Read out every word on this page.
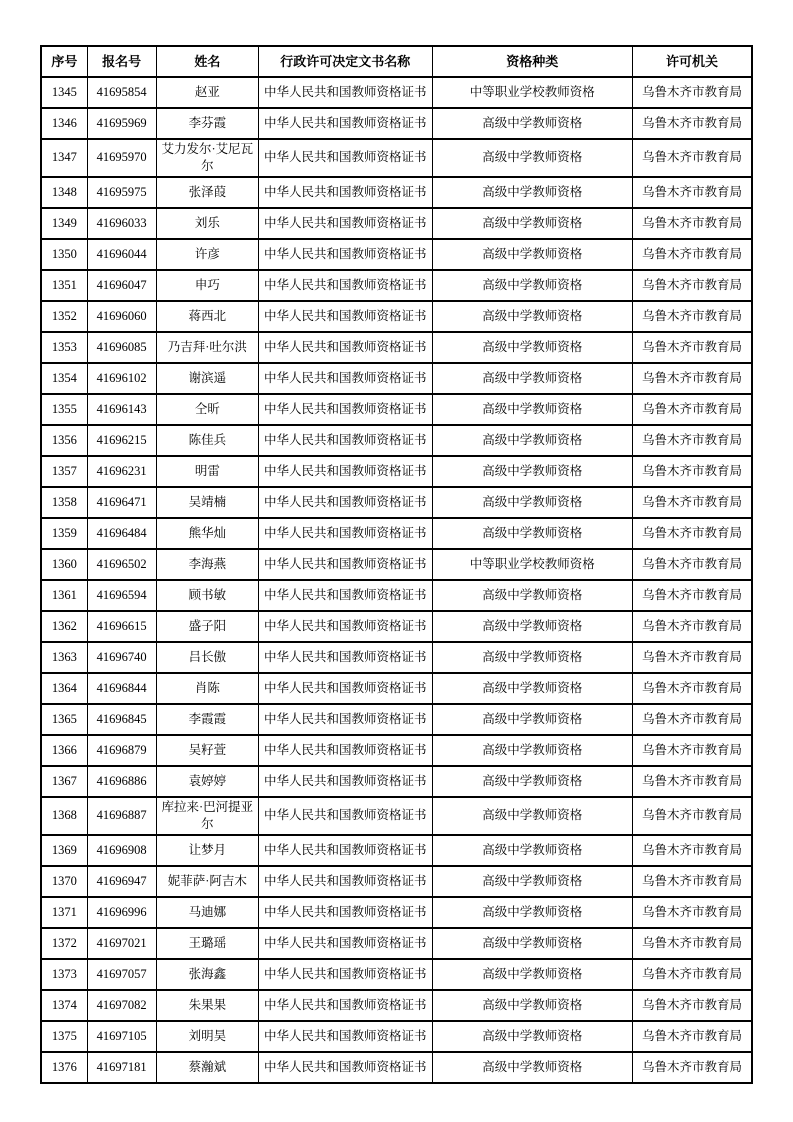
序号	报名号	姓名	行政许可决定文书名称	资格种类	许可机关
1345	41695854	赵亚	中华人民共和国教师资格证书	中等职业学校教师资格	乌鲁木齐市教育局
1346	41695969	李芬霞	中华人民共和国教师资格证书	高级中学教师资格	乌鲁木齐市教育局
1347	41695970	艾力发尔·艾尼瓦尔	中华人民共和国教师资格证书	高级中学教师资格	乌鲁木齐市教育局
1348	41695975	张泽葭	中华人民共和国教师资格证书	高级中学教师资格	乌鲁木齐市教育局
1349	41696033	刘乐	中华人民共和国教师资格证书	高级中学教师资格	乌鲁木齐市教育局
1350	41696044	许彦	中华人民共和国教师资格证书	高级中学教师资格	乌鲁木齐市教育局
1351	41696047	申巧	中华人民共和国教师资格证书	高级中学教师资格	乌鲁木齐市教育局
1352	41696060	蒋西北	中华人民共和国教师资格证书	高级中学教师资格	乌鲁木齐市教育局
1353	41696085	乃吉拜·吐尔洪	中华人民共和国教师资格证书	高级中学教师资格	乌鲁木齐市教育局
1354	41696102	谢滨遥	中华人民共和国教师资格证书	高级中学教师资格	乌鲁木齐市教育局
1355	41696143	仝昕	中华人民共和国教师资格证书	高级中学教师资格	乌鲁木齐市教育局
1356	41696215	陈佳兵	中华人民共和国教师资格证书	高级中学教师资格	乌鲁木齐市教育局
1357	41696231	明雷	中华人民共和国教师资格证书	高级中学教师资格	乌鲁木齐市教育局
1358	41696471	吴靖楠	中华人民共和国教师资格证书	高级中学教师资格	乌鲁木齐市教育局
1359	41696484	熊华灿	中华人民共和国教师资格证书	高级中学教师资格	乌鲁木齐市教育局
1360	41696502	李海燕	中华人民共和国教师资格证书	中等职业学校教师资格	乌鲁木齐市教育局
1361	41696594	顾书敏	中华人民共和国教师资格证书	高级中学教师资格	乌鲁木齐市教育局
1362	41696615	盛子阳	中华人民共和国教师资格证书	高级中学教师资格	乌鲁木齐市教育局
1363	41696740	吕长傲	中华人民共和国教师资格证书	高级中学教师资格	乌鲁木齐市教育局
1364	41696844	肖陈	中华人民共和国教师资格证书	高级中学教师资格	乌鲁木齐市教育局
1365	41696845	李霞霞	中华人民共和国教师资格证书	高级中学教师资格	乌鲁木齐市教育局
1366	41696879	吴籽萱	中华人民共和国教师资格证书	高级中学教师资格	乌鲁木齐市教育局
1367	41696886	袁婷婷	中华人民共和国教师资格证书	高级中学教师资格	乌鲁木齐市教育局
1368	41696887	库拉来·巴河提亚尔	中华人民共和国教师资格证书	高级中学教师资格	乌鲁木齐市教育局
1369	41696908	让梦月	中华人民共和国教师资格证书	高级中学教师资格	乌鲁木齐市教育局
1370	41696947	妮菲萨·阿吉木	中华人民共和国教师资格证书	高级中学教师资格	乌鲁木齐市教育局
1371	41696996	马迪娜	中华人民共和国教师资格证书	高级中学教师资格	乌鲁木齐市教育局
1372	41697021	王璐瑶	中华人民共和国教师资格证书	高级中学教师资格	乌鲁木齐市教育局
1373	41697057	张海鑫	中华人民共和国教师资格证书	高级中学教师资格	乌鲁木齐市教育局
1374	41697082	朱果果	中华人民共和国教师资格证书	高级中学教师资格	乌鲁木齐市教育局
1375	41697105	刘明昊	中华人民共和国教师资格证书	高级中学教师资格	乌鲁木齐市教育局
1376	41697181	蔡瀚斌	中华人民共和国教师资格证书	高级中学教师资格	乌鲁木齐市教育局
